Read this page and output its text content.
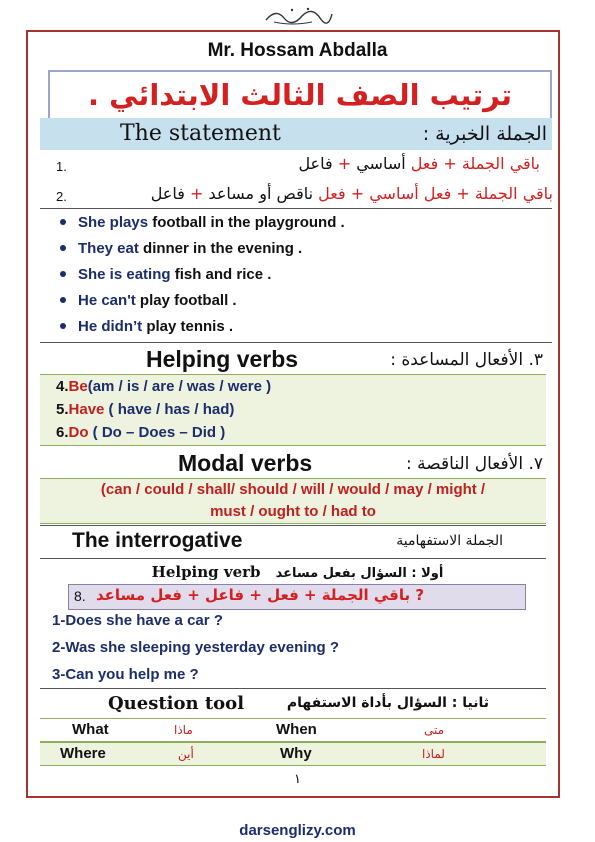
Mr. Hossam Abdalla
ترتيب الصف الثالث الابتدائي .
The statement	الجملة الخبرية :
باقي الجملة + فعل أساسي + فاعل
1.
باقي الجملة + فعل أساسي + فعل ناقص أو مساعد + فاعل
2.
She plays football in the playground .
They eat dinner in the evening .
She is eating fish and rice .
He can't play football .
He didn’t play tennis .
Helping verbs	٣. الأفعال المساعدة :
4.Be(am / is / are / was / were )
5.Have ( have / has / had)
6.Do ( Do – Does – Did )
Modal verbs	٧. الأفعال الناقصة :
(can / could / shall/ should / will / would / may / might /
must / ought to / had to
The interrogative	الجملة الاستفهامية
Helping verb أولا : السؤال بفعل مساعد
8. ? باقي الجملة + فعل + فاعل + فعل مساعد
1-Does she have a car ?
2-Was she sleeping yesterday evening ?
3-Can you help me ?
Question tool	ثانيا : السؤال بأداة الاستفهام
What	ماذا	When	متى
Where	أين	Why	لماذا
١
darsenglizy.com
